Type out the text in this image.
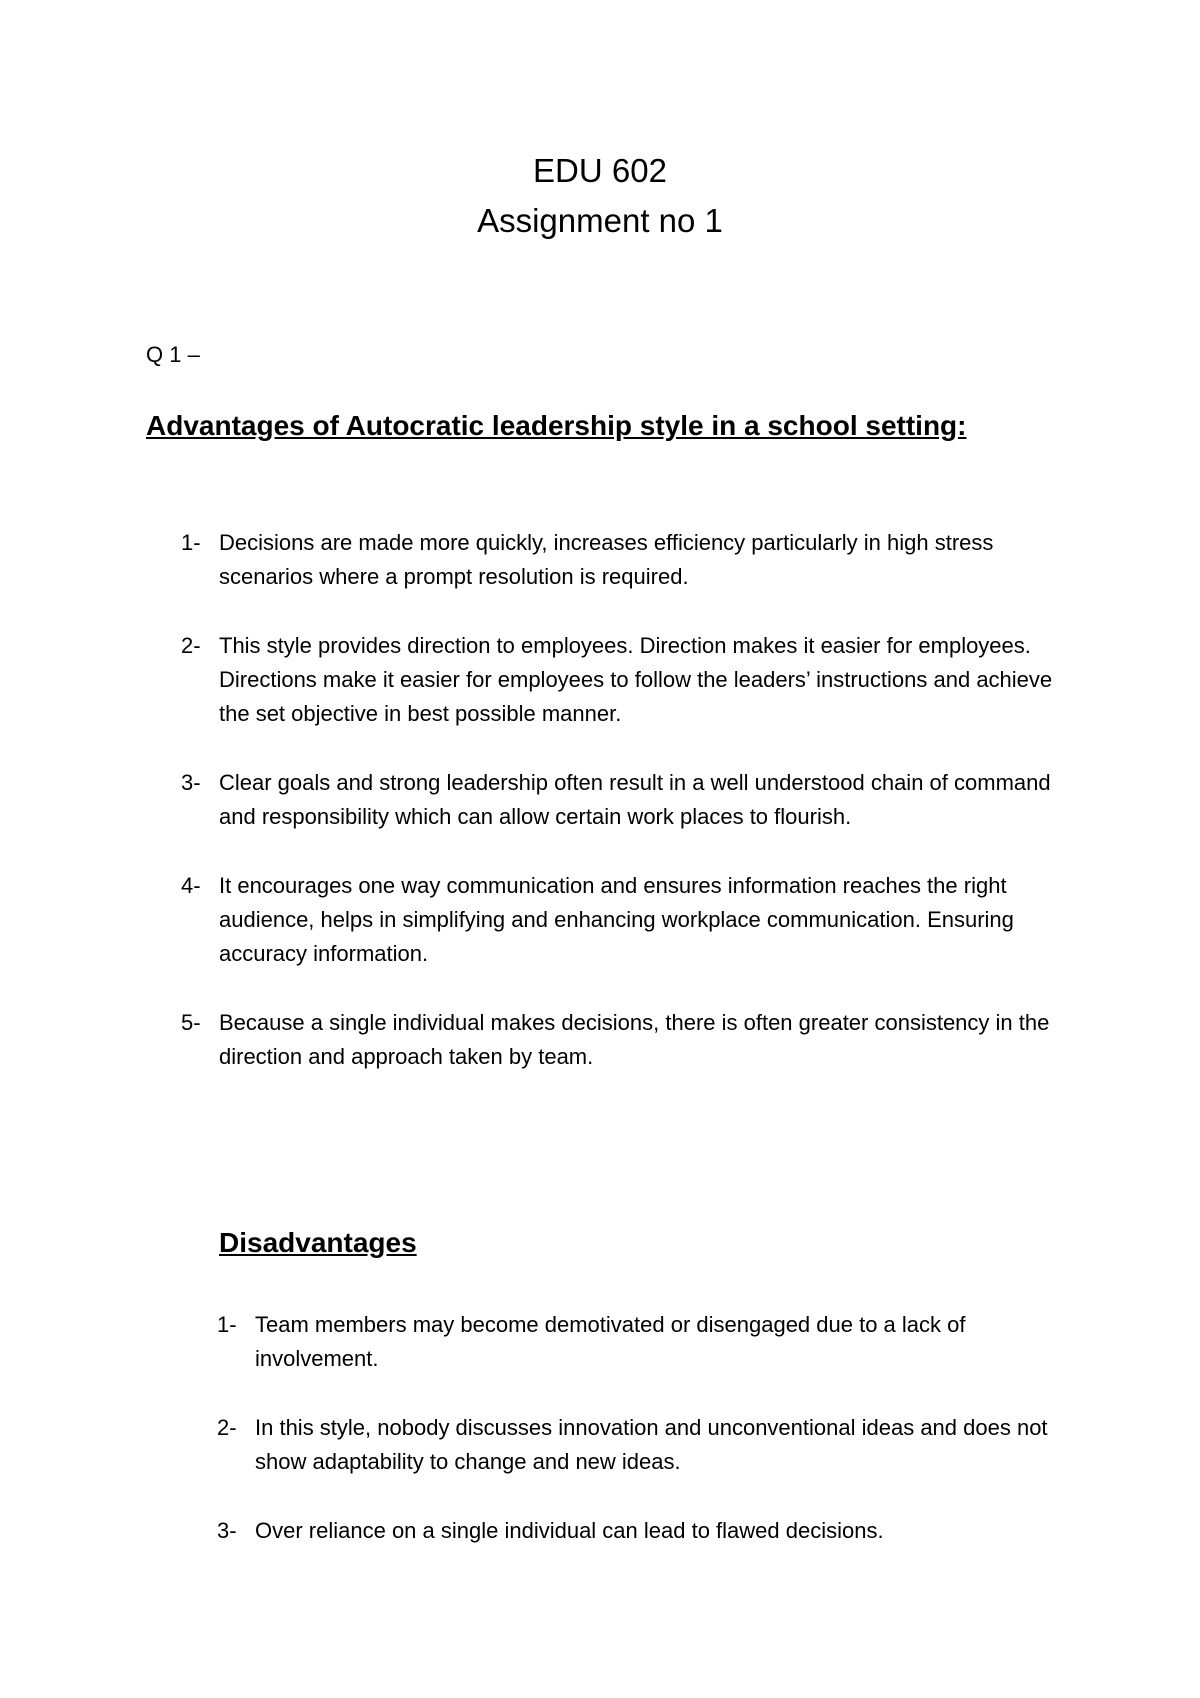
EDU 602
Assignment no 1
Q 1 –
Advantages of Autocratic leadership style in a school setting:
1- Decisions are made more quickly, increases efficiency particularly in high stress scenarios where a prompt resolution is required.
2- This style provides direction to employees. Direction makes it easier for employees. Directions make it easier for employees to follow the leaders’ instructions and achieve the set objective in best possible manner.
3- Clear goals and strong leadership often result in a well understood chain of command and responsibility which can allow certain work places to flourish.
4- It encourages one way communication and ensures information reaches the right audience, helps in simplifying and enhancing workplace communication. Ensuring accuracy information.
5- Because a single individual makes decisions, there is often greater consistency in the direction and approach taken by team.
Disadvantages
1- Team members may become demotivated or disengaged due to a lack of involvement.
2- In this style, nobody discusses innovation and unconventional ideas and does not show adaptability to change and new ideas.
3- Over reliance on a single individual can lead to flawed decisions.
